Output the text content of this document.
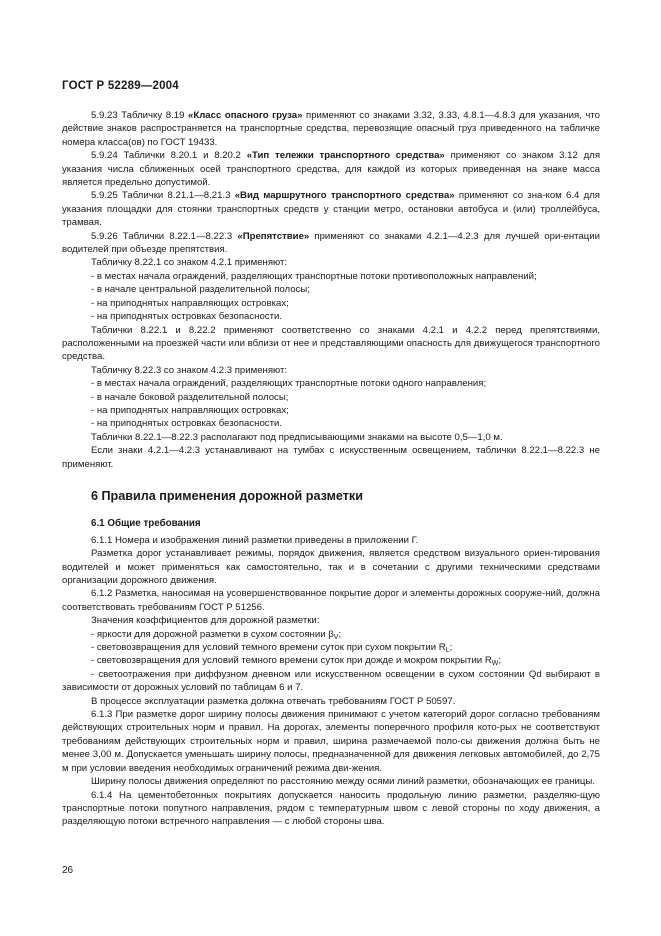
ГОСТ Р 52289—2004

5.9.23 Табличку 8.19 «Класс опасного груза» применяют со знаками 3.32, 3.33, 4.8.1—4.8.3 для указания, что действие знаков распространяется на транспортные средства, перевозящие опасный груз приведенного на табличке номера класса(ов) по ГОСТ 19433.

5.9.24 Таблички 8.20.1 и 8.20.2 «Тип тележки транспортного средства» применяют со знаком 3.12 для указания числа сближенных осей транспортного средства, для каждой из которых приведенная на знаке масса является предельно допустимой.

5.9.25 Таблички 8.21.1—8.21.3 «Вид маршрутного транспортного средства» применяют со зна-ком 6.4 для указания площадки для стоянки транспортных средств у станции метро, остановки автобуса и (или) троллейбуса, трамвая.

5.9.26 Таблички 8.22.1—8.22.3 «Препятствие» применяют со знаками 4.2.1—4.2.3 для лучшей ори-ентации водителей при объезде препятствия.

Табличку 8.22.1 со знаком 4.2.1 применяют:

- в местах начала ограждений, разделяющих транспортные потоки противоположных направлений;

- в начале центральной разделительной полосы;

- на приподнятых направляющих островках;

- на приподнятых островках безопасности.

Таблички 8.22.1 и 8.22.2 применяют соответственно со знаками 4.2.1 и 4.2.2 перед препятствиями, расположенными на проезжей части или вблизи от нее и представляющими опасность для движущегося транспортного средства.

Табличку 8.22.3 со знаком 4.2.3 применяют:

- в местах начала ограждений, разделяющих транспортные потоки одного направления;

- в начале боковой разделительной полосы;

- на приподнятых направляющих островках;

- на приподнятых островках безопасности.

Таблички 8.22.1—8.22.3 располагают под предписывающими знаками на высоте 0,5—1,0 м.

Если знаки 4.2.1—4.2.3 устанавливают на тумбах с искусственным освещением, таблички 8.22.1—8.22.3 не применяют.

6 Правила применения дорожной разметки
6.1 Общие требования

6.1.1 Номера и изображения линий разметки приведены в приложении Г.

Разметка дорог устанавливает режимы, порядок движения, является средством визуального ориен-тирования водителей и может применяться как самостоятельно, так и в сочетании с другими техническими средствами организации дорожного движения.

6.1.2 Разметка, наносимая на усовершенствованное покрытие дорог и элементы дорожных сооруже-ний, должна соответствовать требованиям ГОСТ Р 51256.

Значения коэффициентов для дорожной разметки:

- яркости для дорожной разметки в сухом состоянии $\beta_V$;

- световозвращения для условий темного времени суток при сухом покрытии $R_L$;

- световозвращения для условий темного времени суток при дожде и мокром покрытии $R_W$;

- светоотражения при диффузном дневном или искусственном освещении в сухом состоянии Qd выбирают в зависимости от дорожных условий по таблицам 6 и 7.

В процессе эксплуатации разметка должна отвечать требованиям ГОСТ Р 50597.

6.1.3 При разметке дорог ширину полосы движения принимают с учетом категорий дорог согласно требованиям действующих строительных норм и правил. На дорогах, элементы поперечного профиля кото-рых не соответствуют требованиям действующих строительных норм и правил, ширина размечаемой поло-сы движения должна быть не менее 3,00 м. Допускается уменьшать ширину полосы, предназначенной для движения легковых автомобилей, до 2,75 м при условии введения необходимых ограничений режима дви-жения.

Ширину полосы движения определяют по расстоянию между осями линий разметки, обозначающих ее границы.

6.1.4 На цементобетонных покрытиях допускается наносить продольную линию разметки, разделяю-щую транспортные потоки попутного направления, рядом с температурным швом с левой стороны по ходу движения, а разделяющую потоки встречного направления — с любой стороны шва.

26
